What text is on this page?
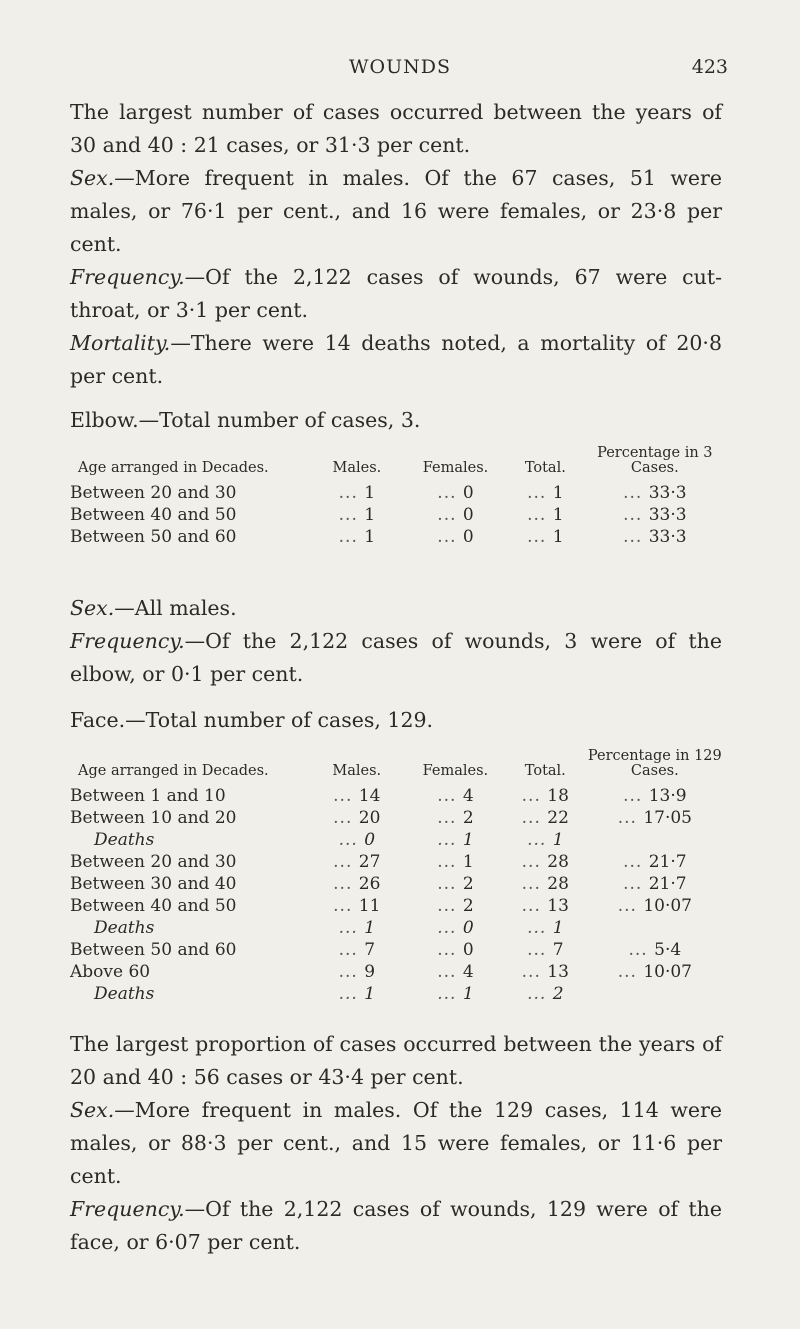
WOUNDS	423

The largest number of cases occurred between the years of 30 and 40 : 21 cases, or 31·3 per cent.

Sex.—More frequent in males. Of the 67 cases, 51 were males, or 76·1 per cent., and 16 were females, or 23·8 per cent.

Frequency.—Of the 2,122 cases of wounds, 67 were cut-throat, or 3·1 per cent.

Mortality.—There were 14 deaths noted, a mortality of 20·8 per cent.

Elbow.—Total number of cases, 3.

Age arranged in Decades.	Males.	Females.	Total.	Percentage in 3 Cases.
Between 20 and 30	... 1	... 0	... 1	... 33·3
Between 40 and 50	... 1	... 0	... 1	... 33·3
Between 50 and 60	... 1	... 0	... 1	... 33·3

Sex.—All males.

Frequency.—Of the 2,122 cases of wounds, 3 were of the elbow, or 0·1 per cent.

Face.—Total number of cases, 129.

Age arranged in Decades.	Males.	Females.	Total.	Percentage in 129 Cases.
Between 1 and 10	... 14	... 4	... 18	... 13·9
Between 10 and 20	... 20	... 2	... 22	... 17·05
Deaths	... 0	... 1	... 1	
Between 20 and 30	... 27	... 1	... 28	... 21·7
Between 30 and 40	... 26	... 2	... 28	... 21·7
Between 40 and 50	... 11	... 2	... 13	... 10·07
Deaths	... 1	... 0	... 1	
Between 50 and 60	... 7	... 0	... 7	... 5·4
Above 60	... 9	... 4	... 13	... 10·07
Deaths	... 1	... 1	... 2	

The largest proportion of cases occurred between the years of 20 and 40 : 56 cases or 43·4 per cent.

Sex.—More frequent in males. Of the 129 cases, 114 were males, or 88·3 per cent., and 15 were females, or 11·6 per cent.

Frequency.—Of the 2,122 cases of wounds, 129 were of the face, or 6·07 per cent.
